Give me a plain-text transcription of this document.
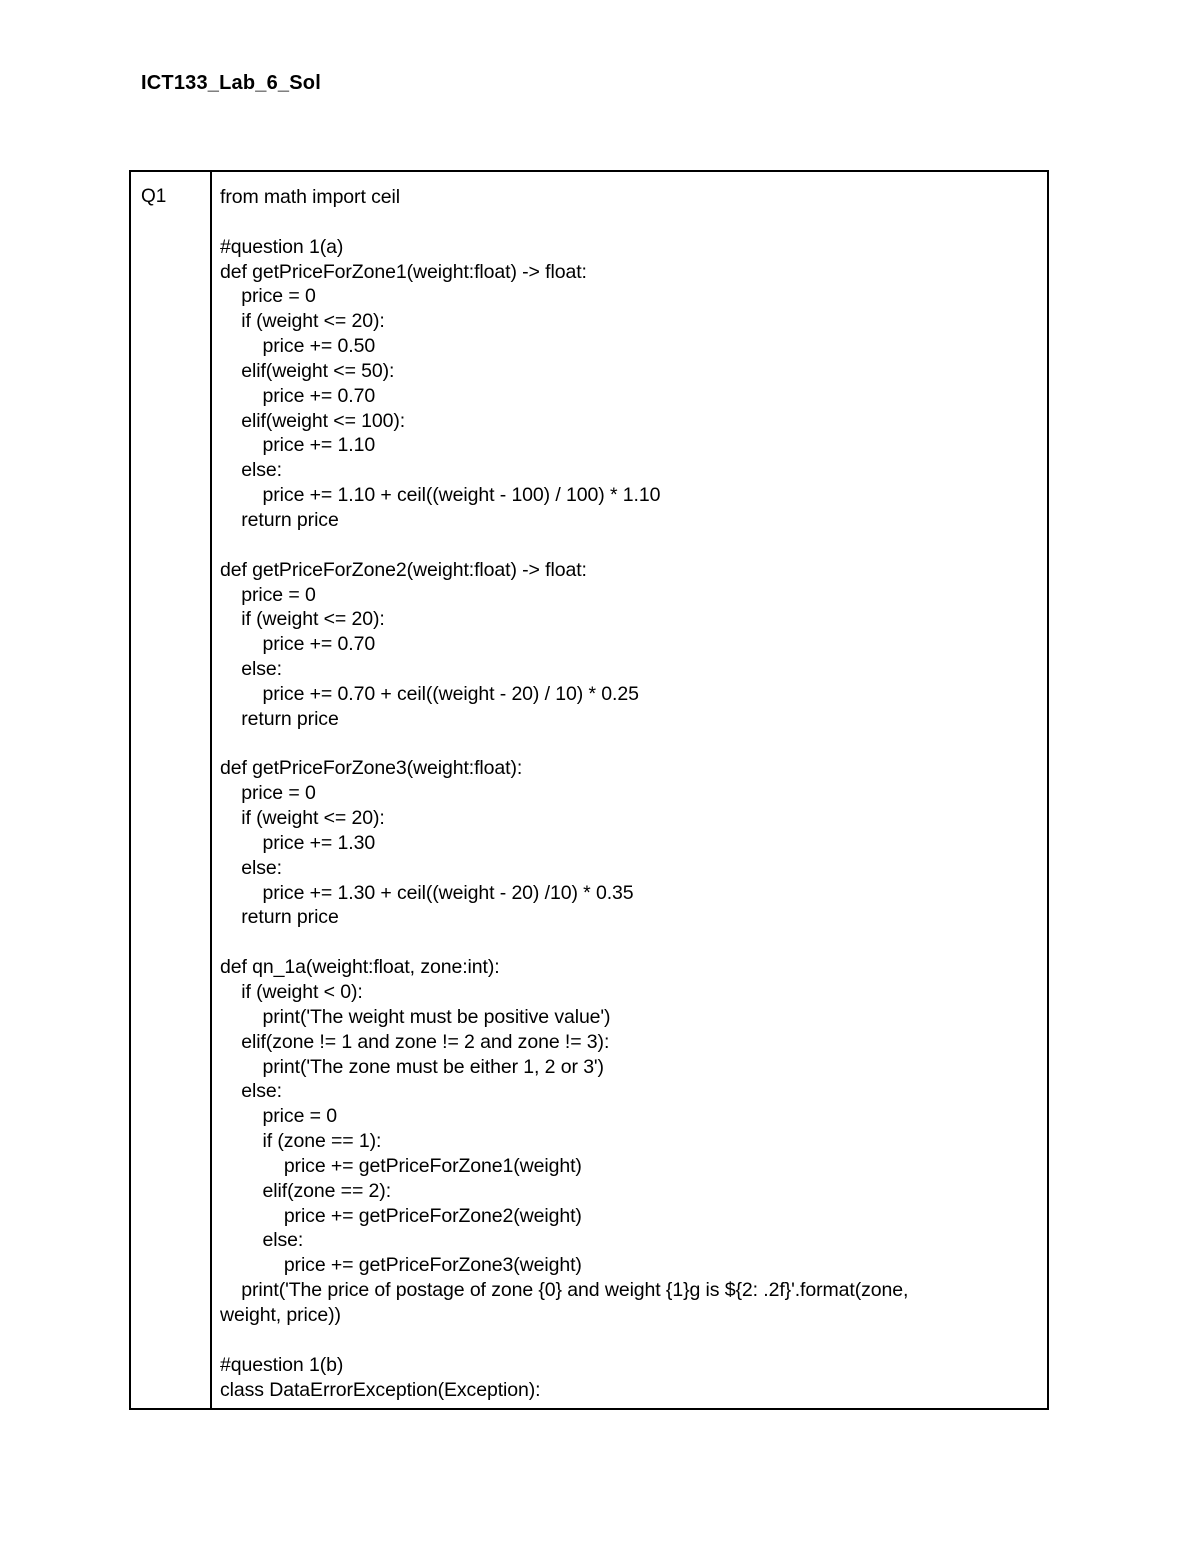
ICT133_Lab_6_Sol
Q1	from math import ceil
#question 1(a)
def getPriceForZone1(weight:float) -> float:
price = 0
if (weight <= 20):
price += 0.50
elif(weight <= 50):
price += 0.70
elif(weight <= 100):
price += 1.10
else:
price += 1.10 + ceil((weight - 100) / 100) * 1.10
return price
def getPriceForZone2(weight:float) -> float:
price = 0
if (weight <= 20):
price += 0.70
else:
price += 0.70 + ceil((weight - 20) / 10) * 0.25
return price
def getPriceForZone3(weight:float):
price = 0
if (weight <= 20):
price += 1.30
else:
price += 1.30 + ceil((weight - 20) /10) * 0.35
return price
def qn_1a(weight:float, zone:int):
if (weight < 0):
print('The weight must be positive value')
elif(zone != 1 and zone != 2 and zone != 3):
print('The zone must be either 1, 2 or 3')
else:
price = 0
if (zone == 1):
price += getPriceForZone1(weight)
elif(zone == 2):
price += getPriceForZone2(weight)
else:
price += getPriceForZone3(weight)
print('The price of postage of zone {0} and weight {1}g is ${2: .2f}'.format(zone,
weight, price))
#question 1(b)
class DataErrorException(Exception):
